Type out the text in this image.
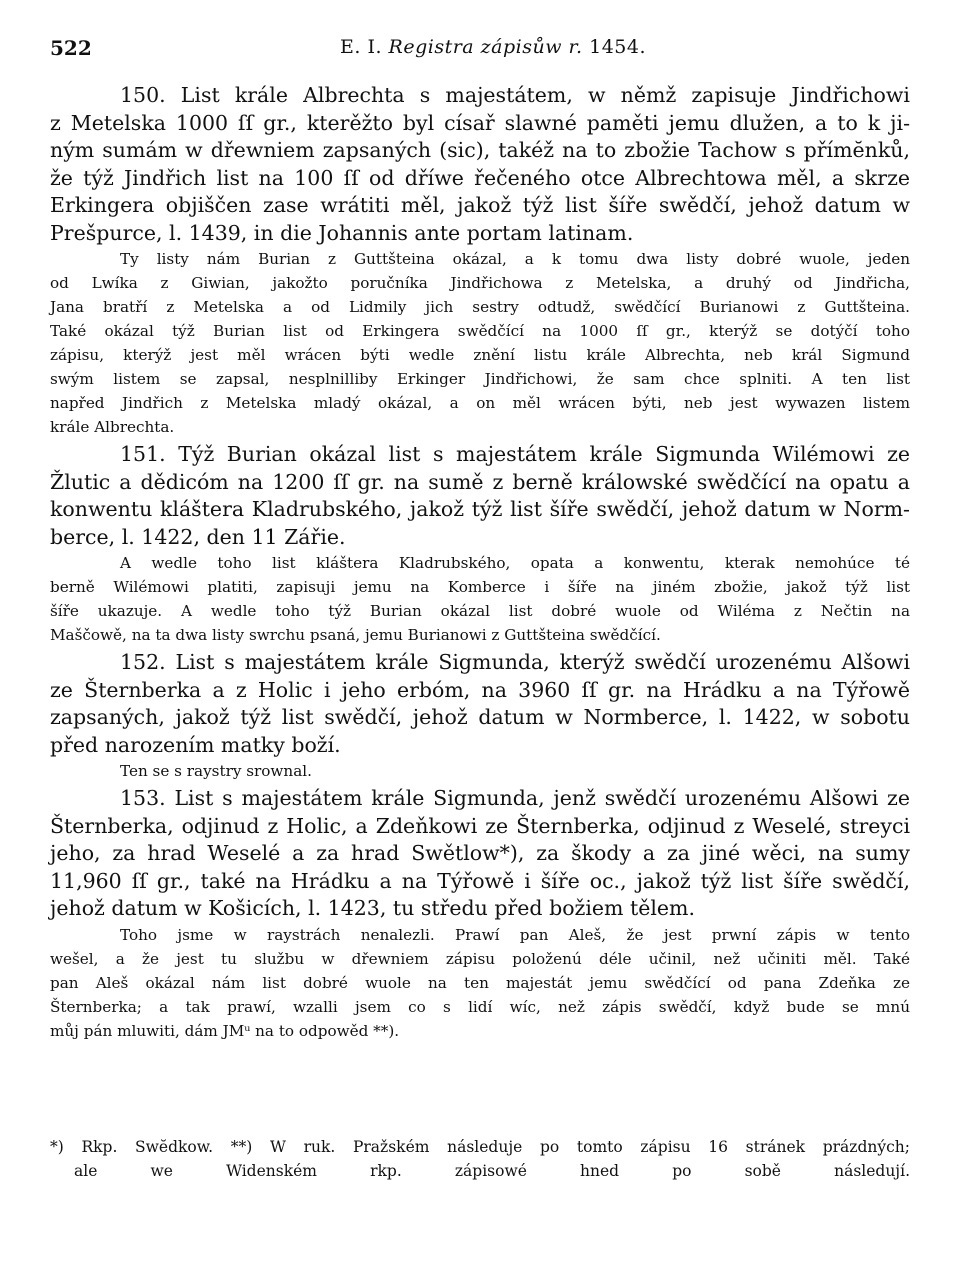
522	E. I. Registra zápisůw r. 1454.

150. List krále Albrechta s majestátem, w němž zapisuje Jindřichowi

z Metelska 1000 ſſ gr., kterěžto byl císař slawné paměti jemu dlužen, a to k ji-

ným sumám w dřewniem zapsaných (sic), takéž na to zbožie Tachow s přímĕnků,

že týž Jindřich list na 100 ſſ od dříwe řečeného otce Albrechtowa měl, a skrze

Erkingera objiščen zase wrátiti měl, jakož týž list šíře swědčí, jehož datum w

Prešpurce, l. 1439, in die Johannis ante portam latinam.

Ty listy nám Burian z Guttšteina okázal, a k tomu dwa listy dobré wuole, jeden

od Lwíka z Giwian, jakožto poručníka Jindřichowa z Metelska, a druhý od Jindřicha,

Jana bratří z Metelska a od Lidmily jich sestry odtudž, swědčící Burianowi z Guttšteina.

Také okázal týž Burian list od Erkingera swědčící na 1000 ſſ gr., kterýž se dotýčí toho

zápisu, kterýž jest měl wrácen býti wedle znění listu krále Albrechta, neb král Sigmund

swým listem se zapsal, nesplnilliby Erkinger Jindřichowi, že sam chce splniti. A ten list

napřed Jindřich z Metelska mladý okázal, a on měl wrácen býti, neb jest wywazen listem

krále Albrechta.

151. Týž Burian okázal list s majestátem krále Sigmunda Wilémowi ze

Žlutic a dědicóm na 1200 ſſ gr. na sumě z berně králowské swědčící na opatu a

konwentu kláštera Kladrubského, jakož týž list šíře swědčí, jehož datum w Norm-

berce, l. 1422, den 11 Zářie.

A wedle toho list kláštera Kladrubského, opata a konwentu, kterak nemohúce té

berně Wilémowi platiti, zapisuji jemu na Komberce i šíře na jiném zbožie, jakož týž list

šíře ukazuje. A wedle toho týž Burian okázal list dobré wuole od Wiléma z Nečtin na

Maščowě, na ta dwa listy swrchu psaná, jemu Burianowi z Guttšteina swědčící.

152. List s majestátem krále Sigmunda, kterýž swědčí urozenému Alšowi

ze Šternberka a z Holic i jeho erbóm, na 3960 ſſ gr. na Hrádku a na Týřowě

zapsaných, jakož týž list swědčí, jehož datum w Normberce, l. 1422, w sobotu

před narozením matky boží.

Ten se s raystry srownal.

153. List s majestátem krále Sigmunda, jenž swědčí urozenému Alšowi ze

Šternberka, odjinud z Holic, a Zdeňkowi ze Šternberka, odjinud z Weselé, streyci

jeho, za hrad Weselé a za hrad Swětlow*), za škody a za jiné wěci, na sumy

11,960 ſſ gr., také na Hrádku a na Týřowě i šíře oc., jakož týž list šíře swědčí,

jehož datum w Košicích, l. 1423, tu středu před božiem tělem.

Toho jsme w raystrách nenalezli. Prawí pan Aleš, že jest prwní zápis w tento

wešel, a že jest tu službu w dřewniem zápisu položenú déle učinil, než učiniti měl. Také

pan Aleš okázal nám list dobré wuole na ten majestát jemu swědčící od pana Zdeňka ze

Šternberka; a tak prawí, wzalli jsem co s lidí wíc, než zápis swědčí, když bude se mnú

můj pán mluwiti, dám JMᵘ na to odpowěd **).

*) Rkp. Swĕdkow. **) W ruk. Pražském následuje po tomto zápisu 16 stránek prázdných;

ale we Widenském rkp. zápisowé hned po sobě následují.
